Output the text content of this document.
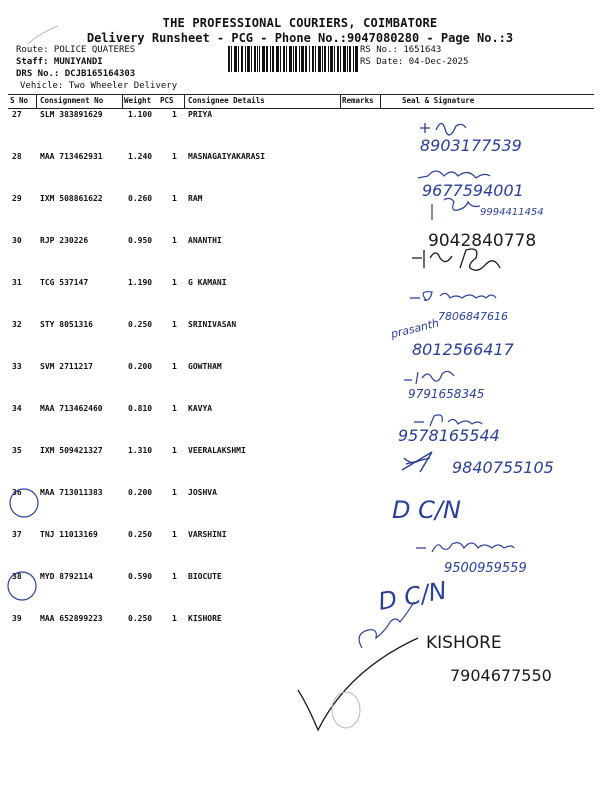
THE PROFESSIONAL COURIERS, COIMBATORE
Delivery Runsheet - PCG - Phone No.:9047080280 - Page No.:3
Route: POLICE QUATERES
Staff: MUNIYANDI
DRS No.: DCJB165164303
Vehicle: Two Wheeler Delivery
RS No.: 1651643
RS Date: 04-Dec-2025
S No Consignment No	Weight PCS Consignee Details	Remarks	Seal & Signature
27 SLM 383891629	1.100 1 PRIYA
28 MAA 713462931	1.240 1 MASNAGAIYAKARASI
29 IXM 508861622	0.260 1 RAM
30 RJP 230226	0.950 1 ANANTHI
31 TCG 537147	1.190 1 G KAMANI
32 STY 8051316	0.250 1 SRINIVASAN
33 SVM 2711217	0.200 1 GOWTHAM
34 MAA 713462460	0.810 1 KAVYA
35 IXM 509421327	1.310 1 VEERALAKSHMI
36 MAA 713011383	0.200 1 JOSHVA
37 TNJ 11013169	0.250 1 VARSHINI
38 MYD 8792114	0.590 1 BIOCUTE
39 MAA 652899223	0.250 1 KISHORE
8903177539
9677594001
9994411454
9042840778
7806847616
prasanth
8012566417
9791658345
9578165544
9840755105
D C/N
9500959559
D C/N
KISHORE
7904677550
